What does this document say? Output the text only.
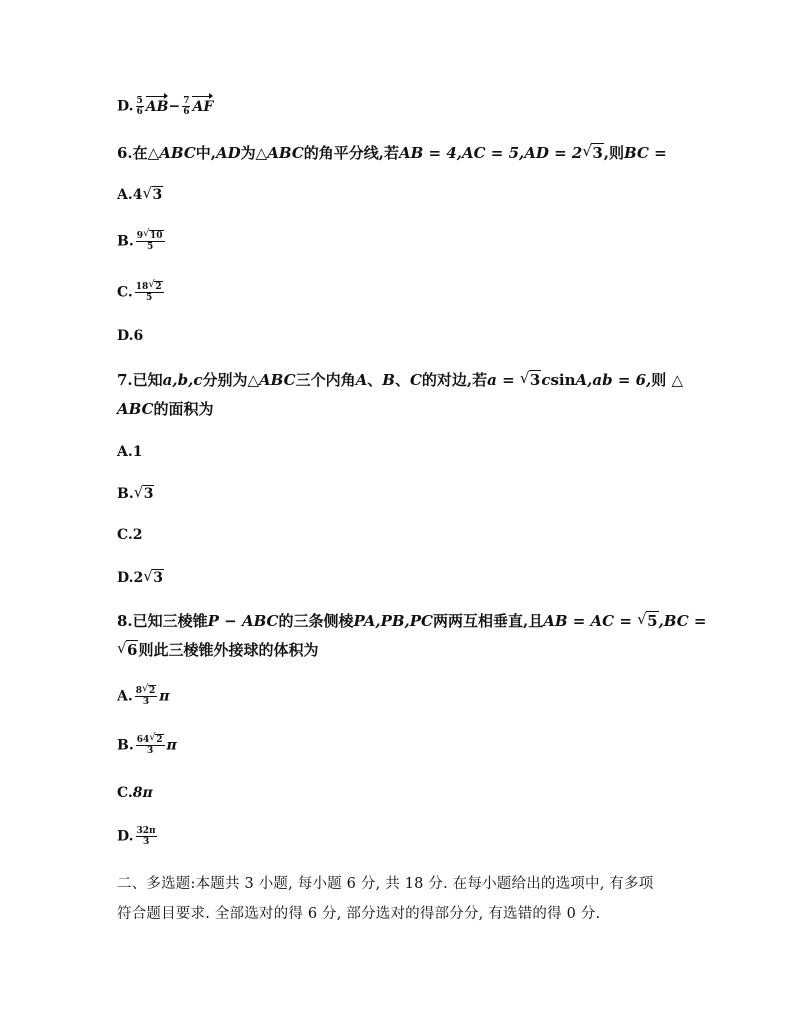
D. $\frac{5}{6} AB- \frac{7}{6}$ AF
6.在△ABC中,AD为△ABC的角平分线,若AB = 4,AC = 5,AD = 2 √ 3,则BC =
A.4 √ 3
B. $\frac{9 √ 10}{5}$
C. $\frac{18 √ 2}{5}$
D.6
7.已知a,b,c分别为△ABC三个内角A、B、C的对边,若a = √ 3csinA,ab = 6,则 △
ABC的面积为
A.1
B. √ 3
C.2
D.2 √ 3
8.已知三棱锥P − ABC的三条侧棱PA,PB,PC两两互相垂直,且AB = AC = √ 5,BC =
√ 6则此三棱锥外接球的体积为
A. $\frac{8 √ 2}{3}$ π
B. $\frac{64 √ 2}{3}$ π
C.8π
D. $\frac{32\pi}{3}$
二、多选题:本题共 3 小题, 每小题 6 分, 共 18 分. 在每小题给出的选项中, 有多项
符合题目要求. 全部选对的得 6 分, 部分选对的得部分分, 有选错的得 0 分.
